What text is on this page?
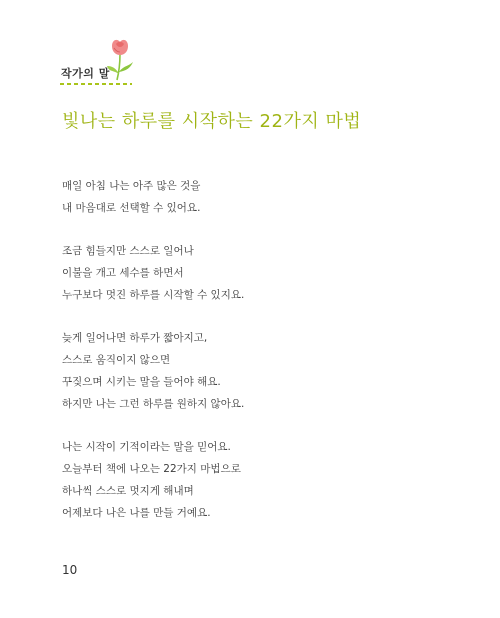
작가의 말
빛나는 하루를 시작하는 22가지 마법
매일 아침 나는 아주 많은 것을
내 마음대로 선택할 수 있어요.
조금 힘들지만 스스로 일어나
이불을 개고 세수를 하면서
누구보다 멋진 하루를 시작할 수 있지요.
늦게 일어나면 하루가 짧아지고,
스스로 움직이지 않으면
꾸짖으며 시키는 말을 들어야 해요.
하지만 나는 그런 하루를 원하지 않아요.
나는 시작이 기적이라는 말을 믿어요.
오늘부터 책에 나오는 22가지 마법으로
하나씩 스스로 멋지게 해내며
어제보다 나은 나를 만들 거예요.
10
